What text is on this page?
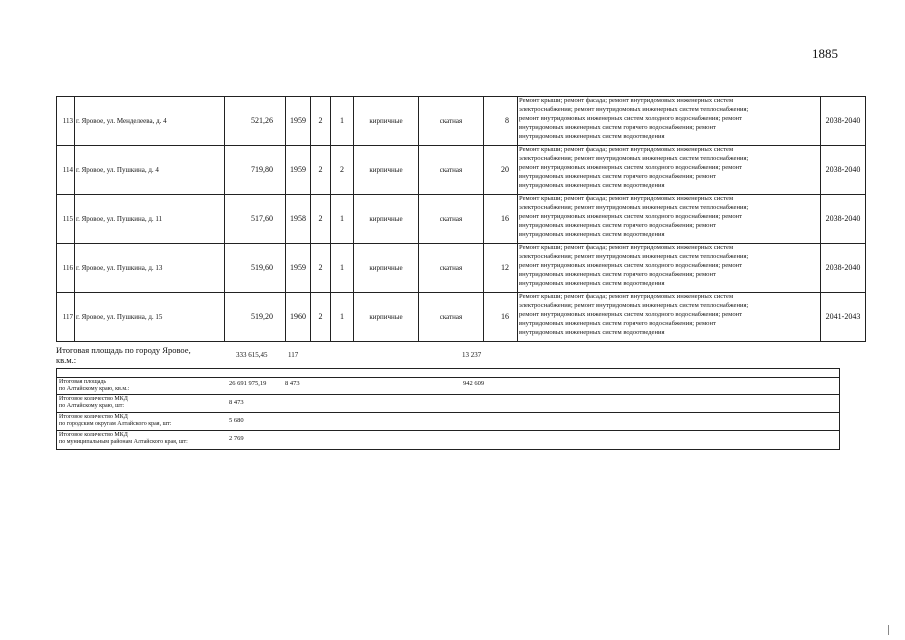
1885
113	г. Яровое, ул. Менделеева, д. 4	521,26	1959	2	1	кирпичные	скатная	8	Ремонт крыши; ремонт фасада; ремонт внутридомовых инженерных систем
электроснабжения; ремонт внутридомовых инженерных систем теплоснабжения;
ремонт внутридомовых инженерных систем холодного водоснабжения; ремонт
внутридомовых инженерных систем горячего водоснабжения; ремонт
внутридомовых инженерных систем водоотведения	2038-2040
114	г. Яровое, ул. Пушкина, д. 4	719,80	1959	2	2	кирпичные	скатная	20	Ремонт крыши; ремонт фасада; ремонт внутридомовых инженерных систем
электроснабжения; ремонт внутридомовых инженерных систем теплоснабжения;
ремонт внутридомовых инженерных систем холодного водоснабжения; ремонт
внутридомовых инженерных систем горячего водоснабжения; ремонт
внутридомовых инженерных систем водоотведения	2038-2040
115	г. Яровое, ул. Пушкина, д. 11	517,60	1958	2	1	кирпичные	скатная	16	Ремонт крыши; ремонт фасада; ремонт внутридомовых инженерных систем
электроснабжения; ремонт внутридомовых инженерных систем теплоснабжения;
ремонт внутридомовых инженерных систем холодного водоснабжения; ремонт
внутридомовых инженерных систем горячего водоснабжения; ремонт
внутридомовых инженерных систем водоотведения	2038-2040
116	г. Яровое, ул. Пушкина, д. 13	519,60	1959	2	1	кирпичные	скатная	12	Ремонт крыши; ремонт фасада; ремонт внутридомовых инженерных систем
электроснабжения; ремонт внутридомовых инженерных систем теплоснабжения;
ремонт внутридомовых инженерных систем холодного водоснабжения; ремонт
внутридомовых инженерных систем горячего водоснабжения; ремонт
внутридомовых инженерных систем водоотведения	2038-2040
117	г. Яровое, ул. Пушкина, д. 15	519,20	1960	2	1	кирпичные	скатная	16	Ремонт крыши; ремонт фасада; ремонт внутридомовых инженерных систем
электроснабжения; ремонт внутридомовых инженерных систем теплоснабжения;
ремонт внутридомовых инженерных систем холодного водоснабжения; ремонт
внутридомовых инженерных систем горячего водоснабжения; ремонт
внутридомовых инженерных систем водоотведения	2041-2043
Итоговая площадь по городу Яровое,
кв.м.:	333 615,45	117	13 237
Итоговая площадь
по Алтайскому краю, кв.м.:
26 691 975,19	8 473	942 609
Итоговое количество МКД
по Алтайскому краю, шт:	8 473
Итоговое количество МКД
по городским округам Алтайского края, шт:	5 680
Итоговое количество МКД
по муниципальным районам Алтайского края, шт:	2 769
